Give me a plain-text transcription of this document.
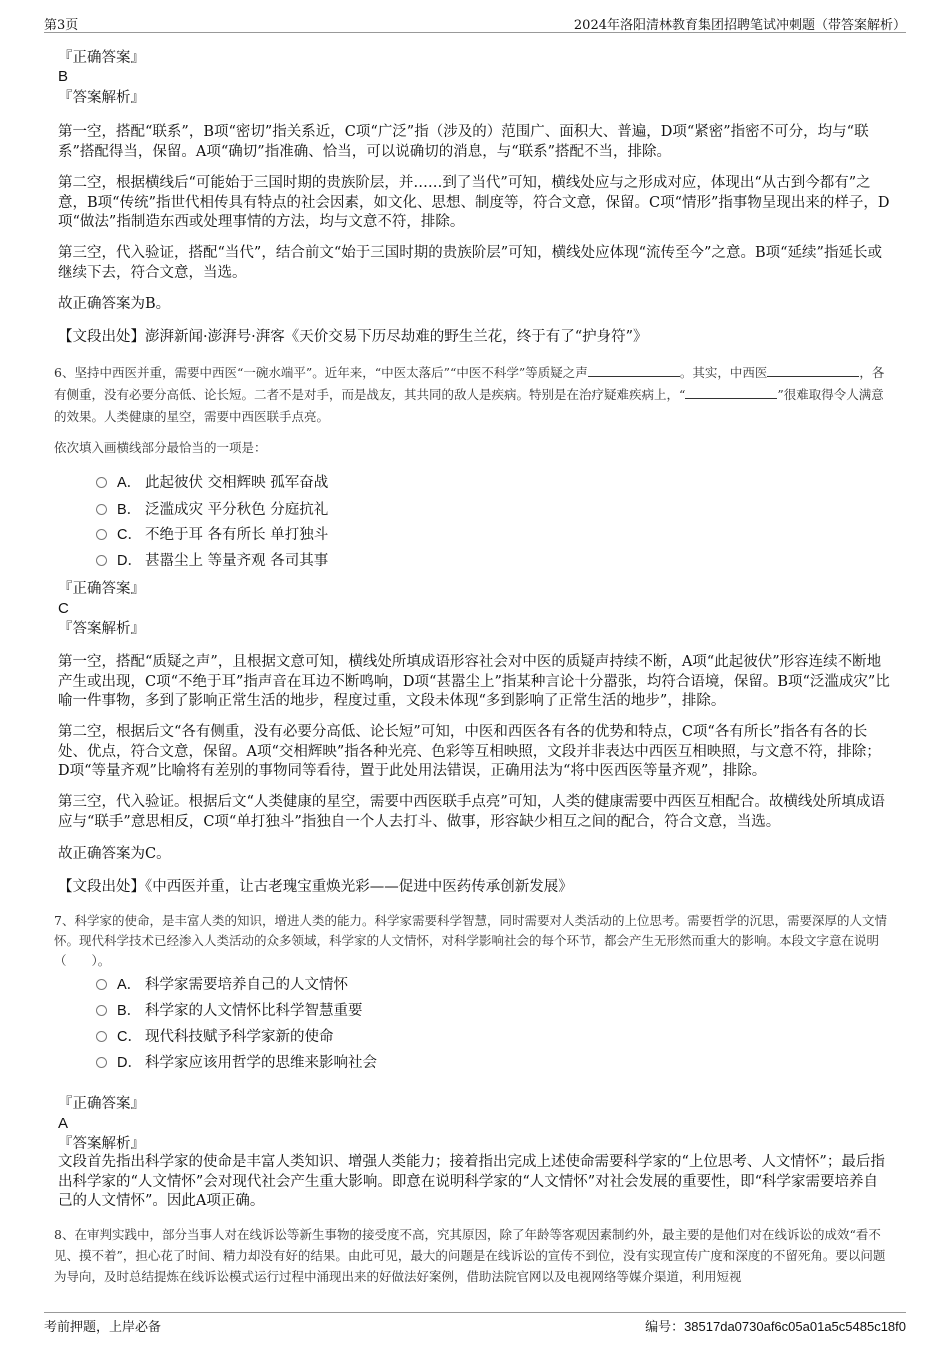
第3页	2024年洛阳清林教育集团招聘笔试冲刺题（带答案解析）
『正确答案』
B
『答案解析』

第一空，搭配“联系”，B项“密切”指关系近，C项“广泛”指（涉及的）范围广、面积大、普遍，D项“紧密”指密不可分，均与“联系”搭配得当，保留。A项“确切”指准确、恰当，可以说确切的消息，与“联系”搭配不当，排除。

第二空，根据横线后“可能始于三国时期的贵族阶层，并……到了当代”可知，横线处应与之形成对应，体现出“从古到今都有”之意，B项“传统”指世代相传具有特点的社会因素，如文化、思想、制度等，符合文意，保留。C项“情形”指事物呈现出来的样子，D项“做法”指制造东西或处理事情的方法，均与文意不符，排除。

第三空，代入验证，搭配“当代”，结合前文“始于三国时期的贵族阶层”可知，横线处应体现“流传至今”之意。B项“延续”指延长或继续下去，符合文意，当选。

故正确答案为B。

【文段出处】澎湃新闻·澎湃号·湃客《天价交易下历尽劫难的野生兰花，终于有了“护身符”》

6、坚持中西医并重，需要中西医“一碗水端平”。近年来，“中医太落后”“中医不科学”等质疑之声	。其实，中西医	，各有侧重，没有必要分高低、论长短。二者不是对手，而是战友，其共同的敌人是疾病。特别是在治疗疑难疾病上，“	”很难取得令人满意的效果。人类健康的星空，需要中西医联手点亮。

依次填入画横线部分最恰当的一项是：

A． 此起彼伏 交相辉映 孤军奋战
B． 泛滥成灾 平分秋色 分庭抗礼
C． 不绝于耳 各有所长 单打独斗
D． 甚嚣尘上 等量齐观 各司其事
『正确答案』
C
『答案解析』

第一空，搭配“质疑之声”，且根据文意可知，横线处所填成语形容社会对中医的质疑声持续不断，A项“此起彼伏”形容连续不断地产生或出现，C项“不绝于耳”指声音在耳边不断鸣响，D项“甚嚣尘上”指某种言论十分嚣张，均符合语境，保留。B项“泛滥成灾”比喻一件事物，多到了影响正常生活的地步，程度过重，文段未体现“多到影响了正常生活的地步”，排除。

第二空，根据后文“各有侧重，没有必要分高低、论长短”可知，中医和西医各有各的优势和特点，C项“各有所长”指各有各的长处、优点，符合文意，保留。A项“交相辉映”指各种光亮、色彩等互相映照，文段并非表达中西医互相映照，与文意不符，排除；D项“等量齐观”比喻将有差别的事物同等看待，置于此处用法错误，正确用法为“将中医西医等量齐观”，排除。

第三空，代入验证。根据后文“人类健康的星空，需要中西医联手点亮”可知，人类的健康需要中西医互相配合。故横线处所填成语应与“联手”意思相反，C项“单打独斗”指独自一个人去打斗、做事，形容缺少相互之间的配合，符合文意，当选。

故正确答案为C。

【文段出处】《中西医并重，让古老瑰宝重焕光彩——促进中医药传承创新发展》

7、科学家的使命，是丰富人类的知识，增进人类的能力。科学家需要科学智慧，同时需要对人类活动的上位思考。需要哲学的沉思，需要深厚的人文情怀。现代科学技术已经渗入人类活动的众多领域，科学家的人文情怀，对科学影响社会的每个环节，都会产生无形然而重大的影响。本段文字意在说明（　　）。

A． 科学家需要培养自己的人文情怀
B． 科学家的人文情怀比科学智慧重要
C． 现代科技赋予科学家新的使命
D． 科学家应该用哲学的思维来影响社会
『正确答案』
A
『答案解析』

文段首先指出科学家的使命是丰富人类知识、增强人类能力；接着指出完成上述使命需要科学家的“上位思考、人文情怀”；最后指出科学家的“人文情怀”会对现代社会产生重大影响。即意在说明科学家的“人文情怀”对社会发展的重要性，即“科学家需要培养自己的人文情怀”。因此A项正确。

8、在审判实践中，部分当事人对在线诉讼等新生事物的接受度不高，究其原因，除了年龄等客观因素制约外，最主要的是他们对在线诉讼的成效“看不见、摸不着”，担心花了时间、精力却没有好的结果。由此可见，最大的问题是在线诉讼的宣传不到位，没有实现宣传广度和深度的不留死角。要以问题为导向，及时总结提炼在线诉讼模式运行过程中涌现出来的好做法好案例，借助法院官网以及电视网络等媒介渠道，利用短视

考前押题，上岸必备	编号：38517da0730af6c05a01a5c5485c18f0
